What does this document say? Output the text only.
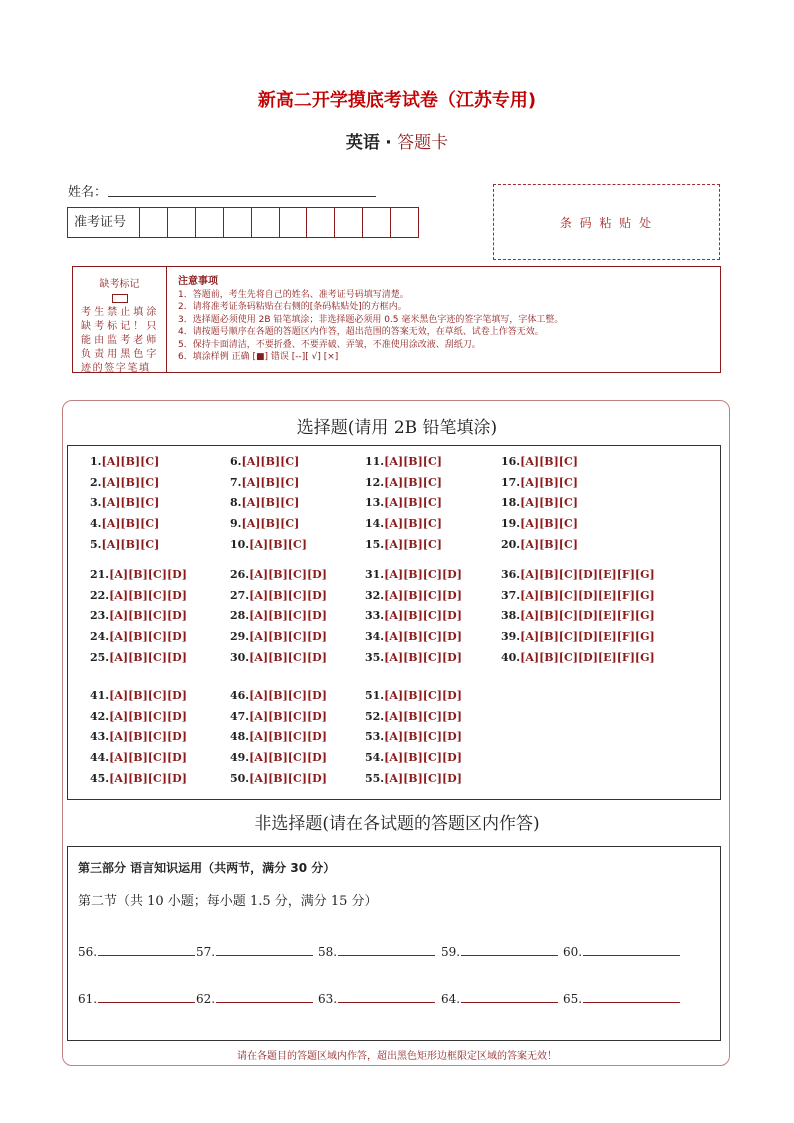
新高二开学摸底考试卷（江苏专用)
英语 · 答题卡
姓名：
准考证号	条 码 粘 贴 处
缺考标记
考生禁止填涂缺考标记！只能由监考老师负责用黑色字迹的签字笔填
注意事项
1．答题前，考生先将自己的姓名、准考证号码填写清楚。
2．请将准考证条码粘贴在右侧的[条码粘贴处]的方框内。
3．选择题必须使用 2B 铅笔填涂；非选择题必须用 0.5 毫米黑色字迹的签字笔填写，字体工整。
4．请按题号顺序在各题的答题区内作答，超出范围的答案无效，在草纸、试卷上作答无效。
5．保持卡面清洁，不要折叠、不要弄破、弄皱，不准使用涂改液、刮纸刀。
6．填涂样例 正确 [■] 错误 [--][ √] [×]
选择题(请用 2B 铅笔填涂)
1.[A][B][C]
2.[A][B][C]
3.[A][B][C]
4.[A][B][C]
5.[A][B][C]
6.[A][B][C]
7.[A][B][C]
8.[A][B][C]
9.[A][B][C]
10.[A][B][C]
11.[A][B][C]
12.[A][B][C]
13.[A][B][C]
14.[A][B][C]
15.[A][B][C]
16.[A][B][C]
17.[A][B][C]
18.[A][B][C]
19.[A][B][C]
20.[A][B][C]
21.[A][B][C][D]
22.[A][B][C][D]
23.[A][B][C][D]
24.[A][B][C][D]
25.[A][B][C][D]
26.[A][B][C][D]
27.[A][B][C][D]
28.[A][B][C][D]
29.[A][B][C][D]
30.[A][B][C][D]
31.[A][B][C][D]
32.[A][B][C][D]
33.[A][B][C][D]
34.[A][B][C][D]
35.[A][B][C][D]
36.[A][B][C][D][E][F][G]
37.[A][B][C][D][E][F][G]
38.[A][B][C][D][E][F][G]
39.[A][B][C][D][E][F][G]
40.[A][B][C][D][E][F][G]
41.[A][B][C][D]
42.[A][B][C][D]
43.[A][B][C][D]
44.[A][B][C][D]
45.[A][B][C][D]
46.[A][B][C][D]
47.[A][B][C][D]
48.[A][B][C][D]
49.[A][B][C][D]
50.[A][B][C][D]
51.[A][B][C][D]
52.[A][B][C][D]
53.[A][B][C][D]
54.[A][B][C][D]
55.[A][B][C][D]
非选择题(请在各试题的答题区内作答)
第三部分 语言知识运用（共两节，满分 30 分）
第二节（共 10 小题；每小题 1.5 分，满分 15 分）
56.	57.	58.	59.	60.
61.	62.	63.	64.	65.
请在各题目的答题区域内作答，超出黑色矩形边框限定区域的答案无效！
